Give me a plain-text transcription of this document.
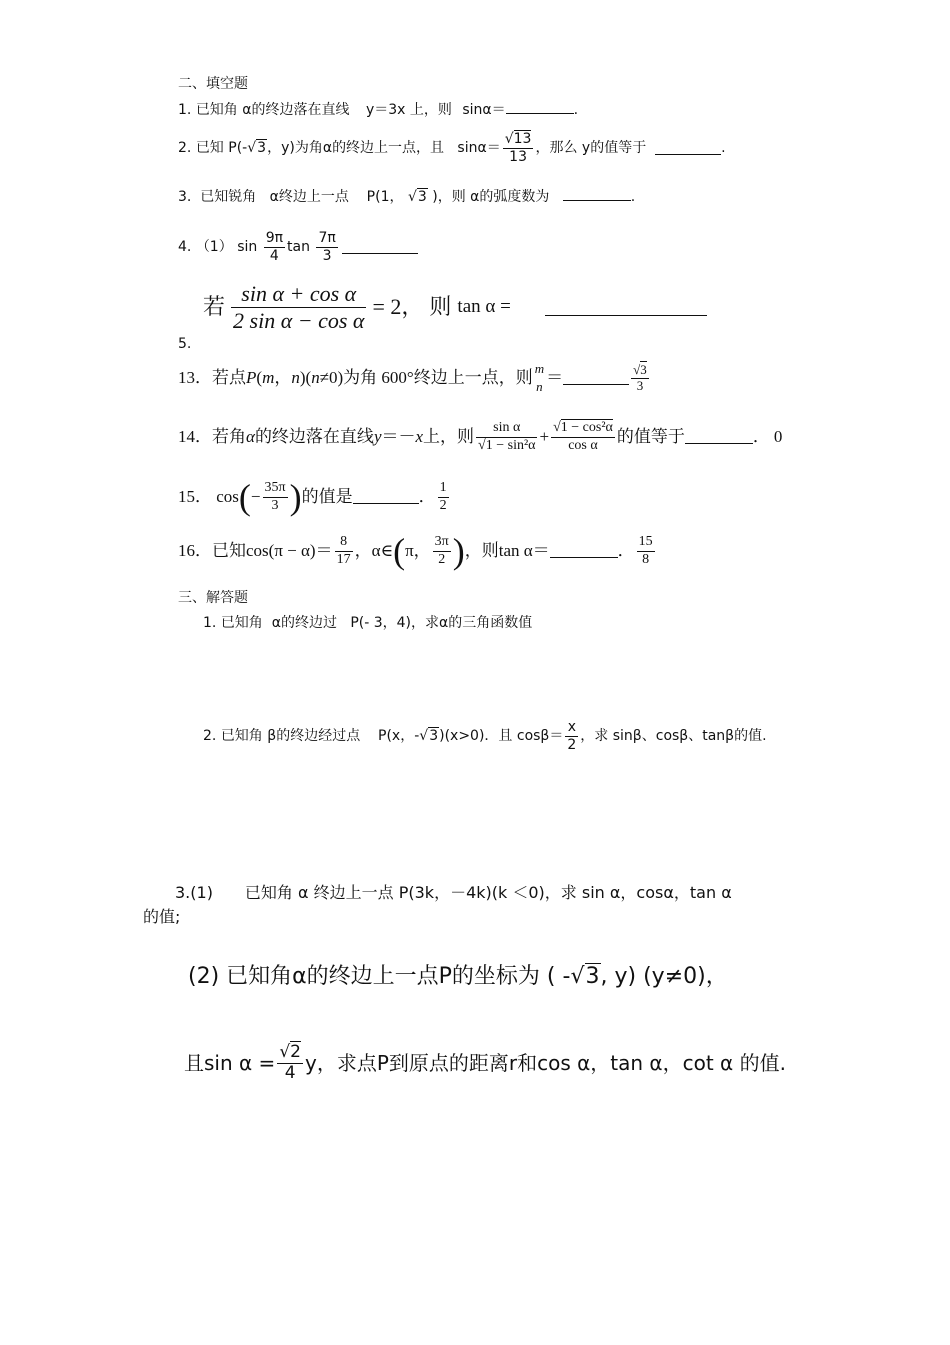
二、填空题
1. 已知角 α的终边落在直线 y＝3x 上，则 sinα＝	.
2.
已知
P(- √3 ， y)为角 α 的终边上一点，且
$\sin\alpha= \frac{√13}{13}$ ，那么
y的值等于
	.
3. 已知锐角 α终边上一点 P(1， √3 )，则 α的弧度数为	.
4.
（1）
sin
$\frac{9\pi}{4}$ tan
$\frac{7\pi}{3}$
若 $\frac{\text{sin α + cos α}}{\text{2 sin α − cos α}} = 2$ ， 则 tan α =
5.
13．若点 P ( m ， n ) ( n ≠0)为角 600°终边上一点，则 m
n ＝	$\frac{√3}{3}$
14．若角 α 的终边落在直线 y ＝－ x 上，则 $\frac{\text{sin α}}{\text{√1 − sin²α}} + \frac{\text{√1 − cos²α}}{\text{cos α}}$ 的值等于	． 0
15．
cos ( − $\frac{35\pi}{3}$ ) 的值是	． $\frac{1}{2}$
16．已知 $\cos(\pi - \alpha)= \frac{8}{17}$ ， α∈ ( π， $\frac{3\pi}{2}$ ) ，则 tan α＝	． $\frac{15}{8}$
三、解答题
1. 已知角 α的终边过 P(- 3，4)，求α的三角函数值
2.
已知角
β 的终边经过点
P(x，- √3 )(x>0)．且
$\cos\beta= \frac{x}{2}$ ，求
sinβ、cosβ、tanβ的值.
3.(1)　　已知角 α 终边上一点 P(3k，－4k)(k ＜0)，求 sin α，cosα，tan α
的值;
(2) 已知角α的终边上一点P的坐标为 ( -√3, y) (y≠0)，
且$\sin \alpha = \frac{√2}{4}$ y，求点P到原点的距离r和cos α，tan α，cot α 的值.
